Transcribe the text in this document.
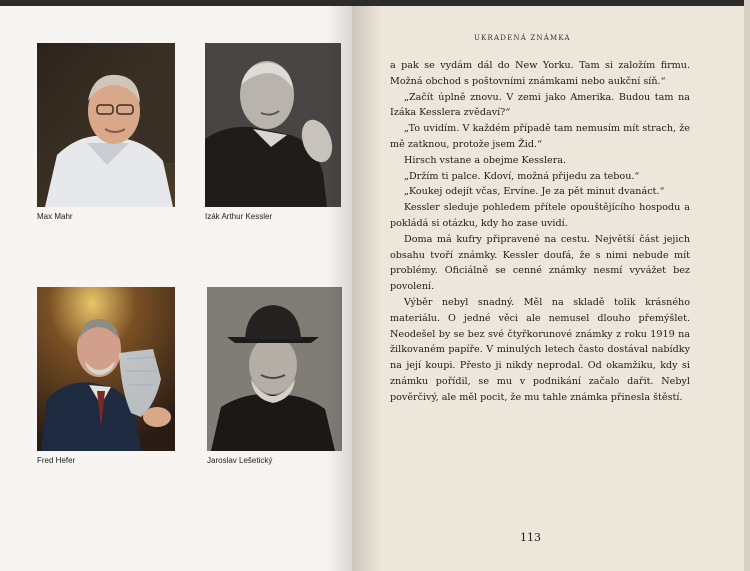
Max Mahr	Izák Arthur Kessler
Fred Hefer	Jaroslav Lešetický
UKRADENÁ ZNÁMKA

a pak se vydám dál do New Yorku. Tam si založím firmu. Možná obchod s poštovními známkami nebo aukční síň.“

„Začít úplně znovu. V zemi jako Amerika. Budou tam na Izáka Kesslera zvědaví?“

„To uvidím. V každém případě tam nemusím mít strach, že mě zatknou, protože jsem Žid.“

Hirsch vstane a obejme Kesslera.

„Držím ti palce. Kdoví, možná přijedu za tebou.“

„Koukej odejít včas, Ervíne. Je za pět minut dvanáct.“

Kessler sleduje pohledem přítele opouštějícího hospodu a pokládá si otázku, kdy ho zase uvidí.

Doma má kufry připravené na cestu. Největší část jejich obsahu tvoří známky. Kessler doufá, že s nimi nebude mít problémy. Oficiálně se cenné známky nesmí vyvážet bez povolení.

Výběr nebyl snadný. Měl na skladě tolik krásného materiálu. O jedné věci ale nemusel dlouho přemýšlet. Neodešel by se bez své čtyřkorunové známky z roku 1919 na žilkovaném papíře. V minulých letech často dostával nabídky na její koupi. Přesto ji nikdy neprodal. Od okamžiku, kdy si známku pořídil, se mu v podnikání začalo dařit. Nebyl pověrčivý, ale měl pocit, že mu tahle známka přinesla štěstí.

113
